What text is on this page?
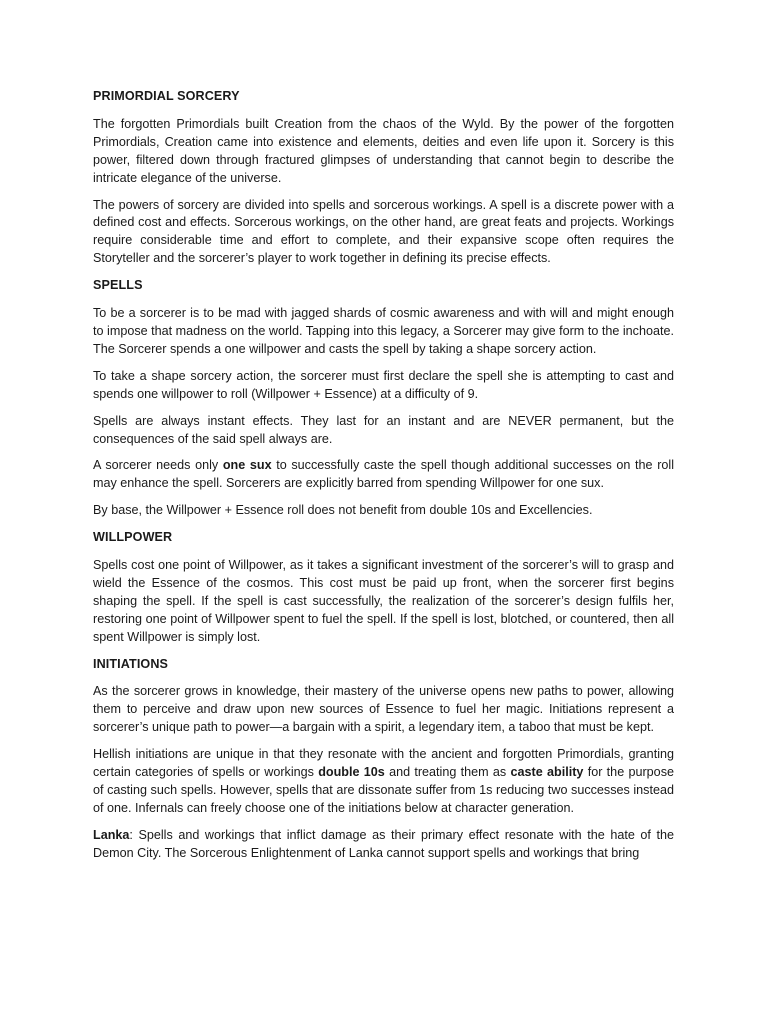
PRIMORDIAL SORCERY

The forgotten Primordials built Creation from the chaos of the Wyld. By the power of the forgotten Primordials, Creation came into existence and elements, deities and even life upon it. Sorcery is this power, filtered down through fractured glimpses of understanding that cannot begin to describe the intricate elegance of the universe.

The powers of sorcery are divided into spells and sorcerous workings. A spell is a discrete power with a defined cost and effects. Sorcerous workings, on the other hand, are great feats and projects. Workings require considerable time and effort to complete, and their expansive scope often requires the Storyteller and the sorcerer’s player to work together in defining its precise effects.

SPELLS

To be a sorcerer is to be mad with jagged shards of cosmic awareness and with will and might enough to impose that madness on the world. Tapping into this legacy, a Sorcerer may give form to the inchoate. The Sorcerer spends a one willpower and casts the spell by taking a shape sorcery action.

To take a shape sorcery action, the sorcerer must first declare the spell she is attempting to cast and spends one willpower to roll (Willpower + Essence) at a difficulty of 9.

Spells are always instant effects. They last for an instant and are NEVER permanent, but the consequences of the said spell always are.

A sorcerer needs only one sux to successfully caste the spell though additional successes on the roll may enhance the spell. Sorcerers are explicitly barred from spending Willpower for one sux.

By base, the Willpower + Essence roll does not benefit from double 10s and Excellencies.

WILLPOWER

Spells cost one point of Willpower, as it takes a significant investment of the sorcerer’s will to grasp and wield the Essence of the cosmos. This cost must be paid up front, when the sorcerer first begins shaping the spell. If the spell is cast successfully, the realization of the sorcerer’s design fulfils her, restoring one point of Willpower spent to fuel the spell. If the spell is lost, blotched, or countered, then all spent Willpower is simply lost.

INITIATIONS

As the sorcerer grows in knowledge, their mastery of the universe opens new paths to power, allowing them to perceive and draw upon new sources of Essence to fuel her magic. Initiations represent a sorcerer’s unique path to power—a bargain with a spirit, a legendary item, a taboo that must be kept.

Hellish initiations are unique in that they resonate with the ancient and forgotten Primordials, granting certain categories of spells or workings double 10s and treating them as caste ability for the purpose of casting such spells. However, spells that are dissonate suffer from 1s reducing two successes instead of one. Infernals can freely choose one of the initiations below at character generation.

Lanka: Spells and workings that inflict damage as their primary effect resonate with the hate of the Demon City. The Sorcerous Enlightenment of Lanka cannot support spells and workings that bring
